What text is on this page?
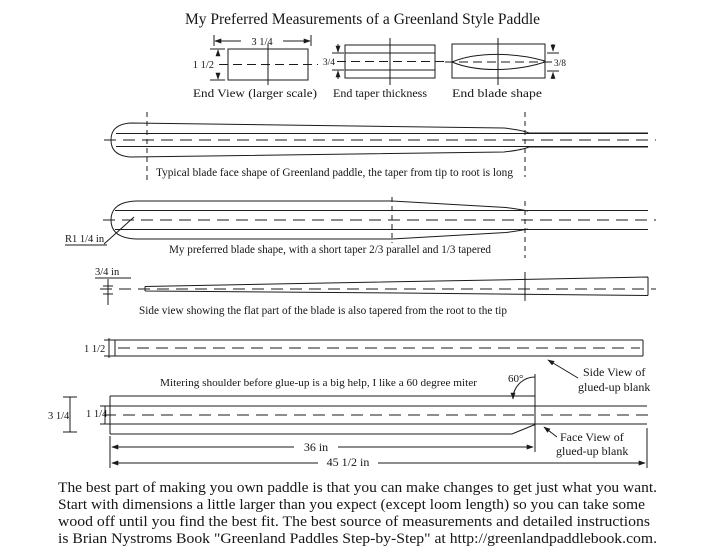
My Preferred Measurements of a Greenland Style Paddle
3 1/4
1 1/2
End View (larger scale)
3/4
End taper thickness
3/8
End blade shape
Typical blade face shape of Greenland paddle, the taper from tip to root is long
R1 1/4 in
My preferred blade shape, with a short taper 2/3 parallel and 1/3 tapered
3/4 in
Side view showing the flat part of the blade is also tapered from the root to the tip
1 1/2
Side View of
glued-up blank
Mitering shoulder before glue-up is a big help, I like a 60 degree miter	60°
3 1/4 1 1/4
36 in
45 1/2 in
Face View of
glued-up blank
The best part of making you own paddle is that you can make changes to get just what you want.
Start with dimensions a little larger than you expect (except loom length) so you can take some
wood off until you find the best fit. The best source of measurements and detailed instructions
is Brian Nystroms Book "Greenland Paddles Step-by-Step" at http://greenlandpaddlebook.com.
